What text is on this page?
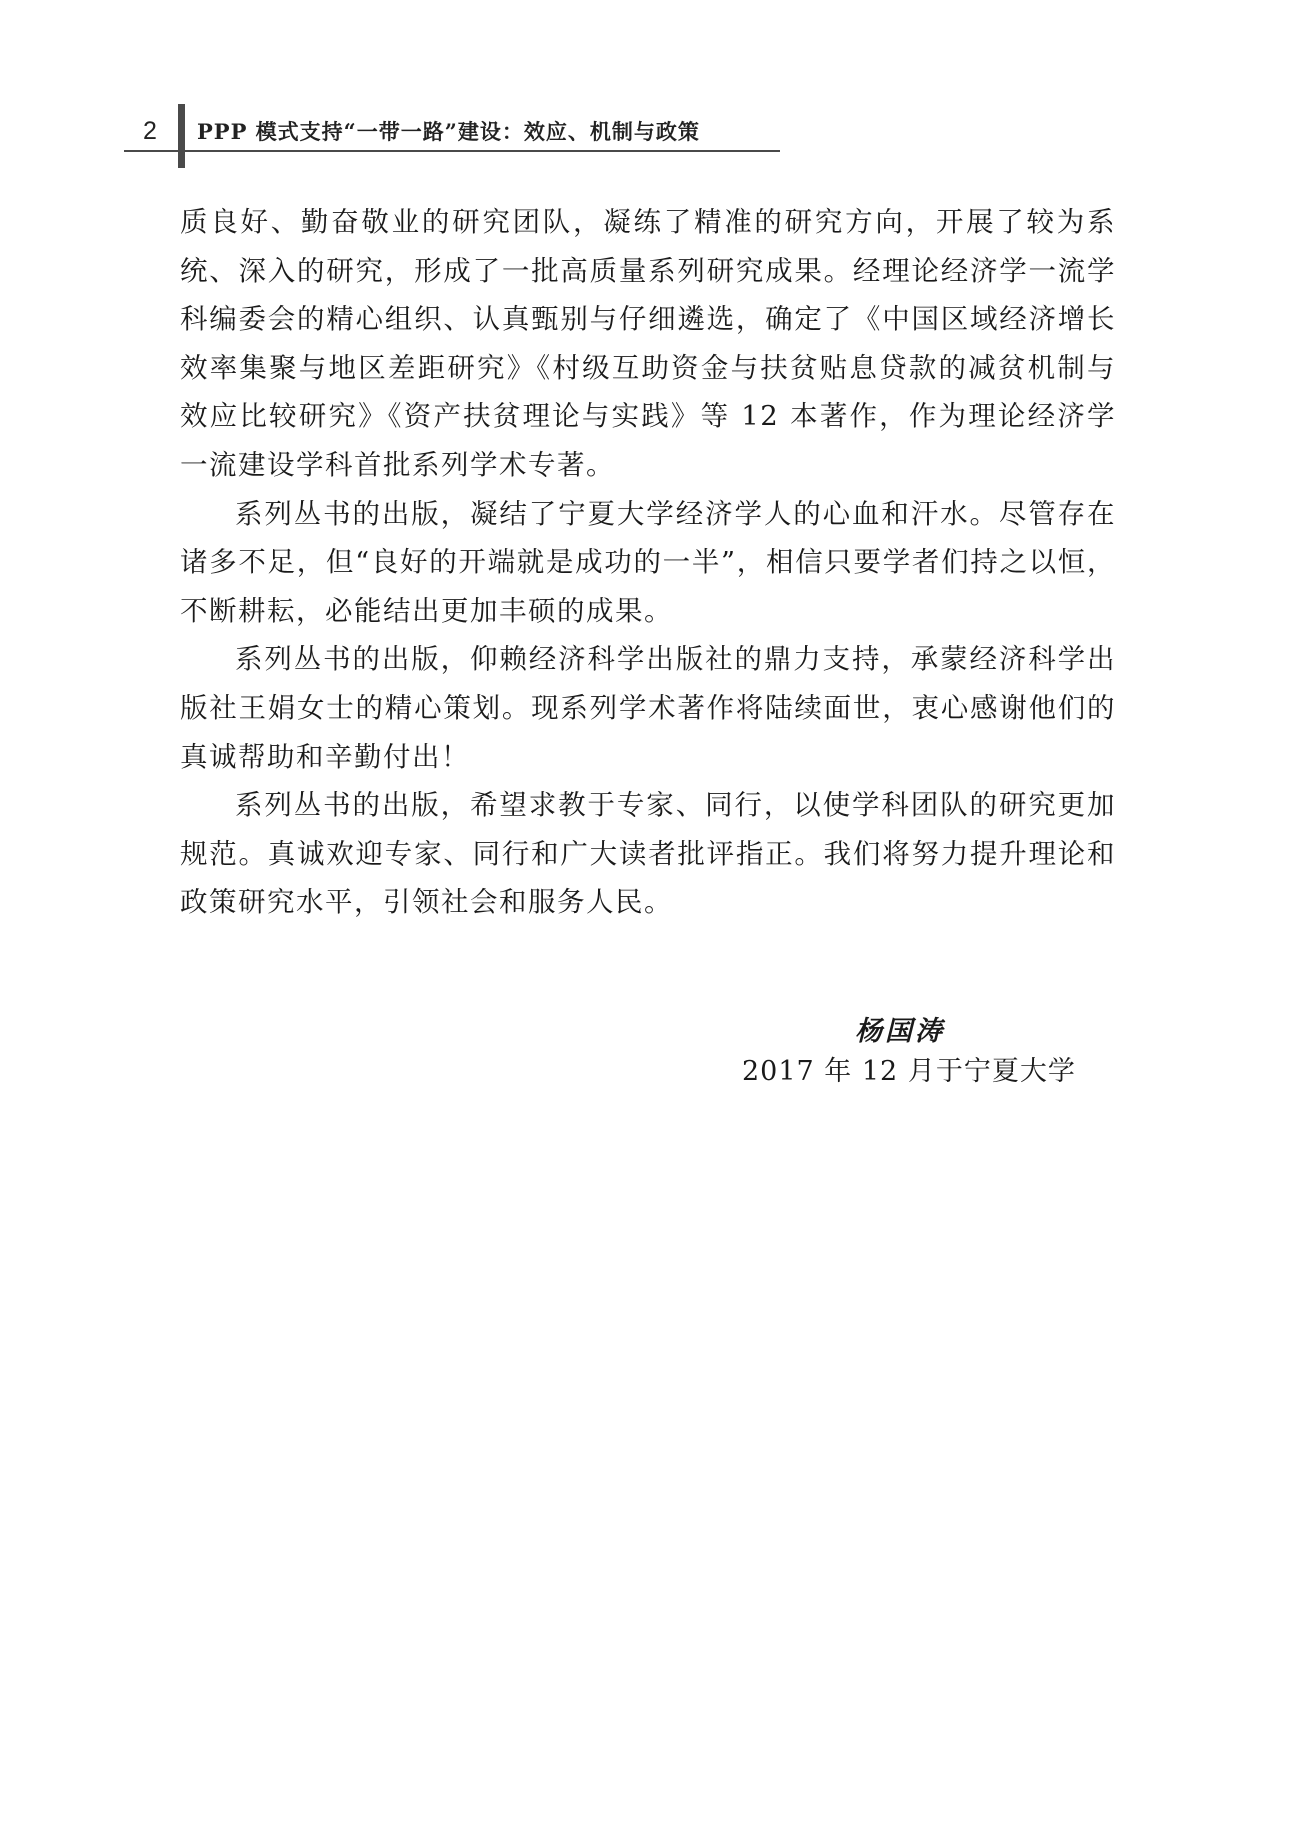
2 PPP 模式支持“一带一路”建设：效应、机制与政策

质良好、勤奋敬业的研究团队，凝练了精准的研究方向，开展了较为系统、深入的研究，形成了一批高质量系列研究成果。经理论经济学一流学科编委会的精心组织、认真甄别与仔细遴选，确定了《中国区域经济增长效率集聚与地区差距研究》《村级互助资金与扶贫贴息贷款的减贫机制与效应比较研究》《资产扶贫理论与实践》等 12 本著作，作为理论经济学一流建设学科首批系列学术专著。

系列丛书的出版，凝结了宁夏大学经济学人的心血和汗水。尽管存在诸多不足，但“良好的开端就是成功的一半”，相信只要学者们持之以恒，不断耕耘，必能结出更加丰硕的成果。

系列丛书的出版，仰赖经济科学出版社的鼎力支持，承蒙经济科学出版社王娟女士的精心策划。现系列学术著作将陆续面世，衷心感谢他们的真诚帮助和辛勤付出！

系列丛书的出版，希望求教于专家、同行，以使学科团队的研究更加规范。真诚欢迎专家、同行和广大读者批评指正。我们将努力提升理论和政策研究水平，引领社会和服务人民。

杨国涛
2017 年 12 月于宁夏大学
